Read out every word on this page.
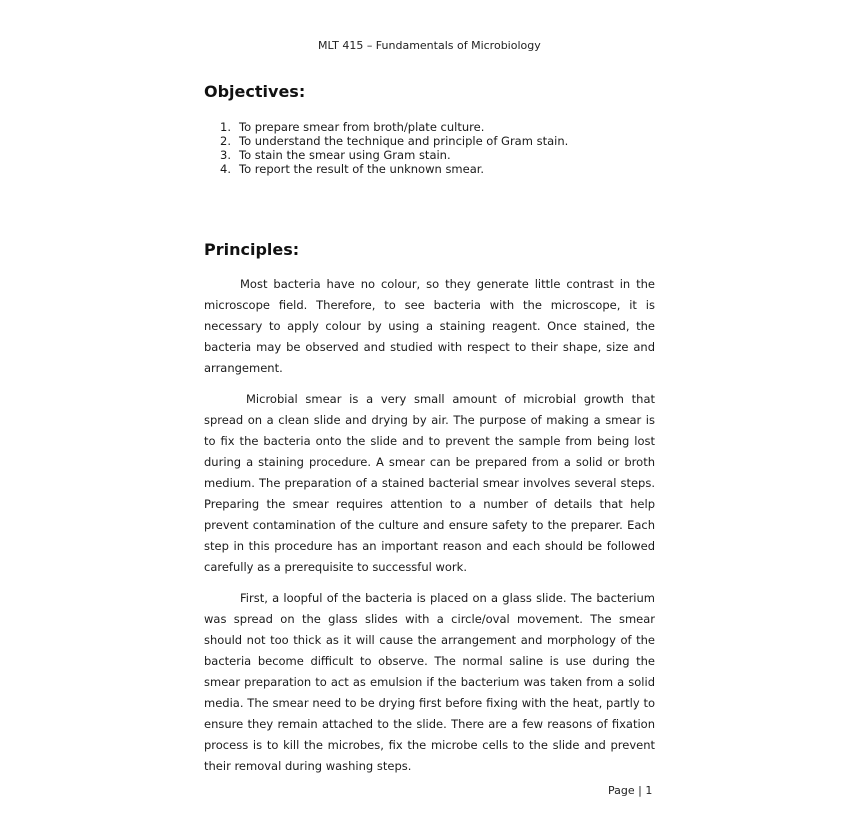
MLT 415 – Fundamentals of Microbiology
Objectives:
1. To prepare smear from broth/plate culture.
2. To understand the technique and principle of Gram stain.
3. To stain the smear using Gram stain.
4. To report the result of the unknown smear.
Principles:

Most bacteria have no colour, so they generate little contrast in the microscope field. Therefore, to see bacteria with the microscope, it is necessary to apply colour by using a staining reagent. Once stained, the bacteria may be observed and studied with respect to their shape, size and arrangement.

Microbial smear is a very small amount of microbial growth that spread on a clean slide and drying by air. The purpose of making a smear is to fix the bacteria onto the slide and to prevent the sample from being lost during a staining procedure. A smear can be prepared from a solid or broth medium. The preparation of a stained bacterial smear involves several steps. Preparing the smear requires attention to a number of details that help prevent contamination of the culture and ensure safety to the preparer. Each step in this procedure has an important reason and each should be followed carefully as a prerequisite to successful work.

First, a loopful of the bacteria is placed on a glass slide. The bacterium was spread on the glass slides with a circle/oval movement. The smear should not too thick as it will cause the arrangement and morphology of the bacteria become difficult to observe. The normal saline is use during the smear preparation to act as emulsion if the bacterium was taken from a solid media. The smear need to be drying first before fixing with the heat, partly to ensure they remain attached to the slide. There are a few reasons of fixation process is to kill the microbes, fix the microbe cells to the slide and prevent their removal during washing steps.

Page | 1
